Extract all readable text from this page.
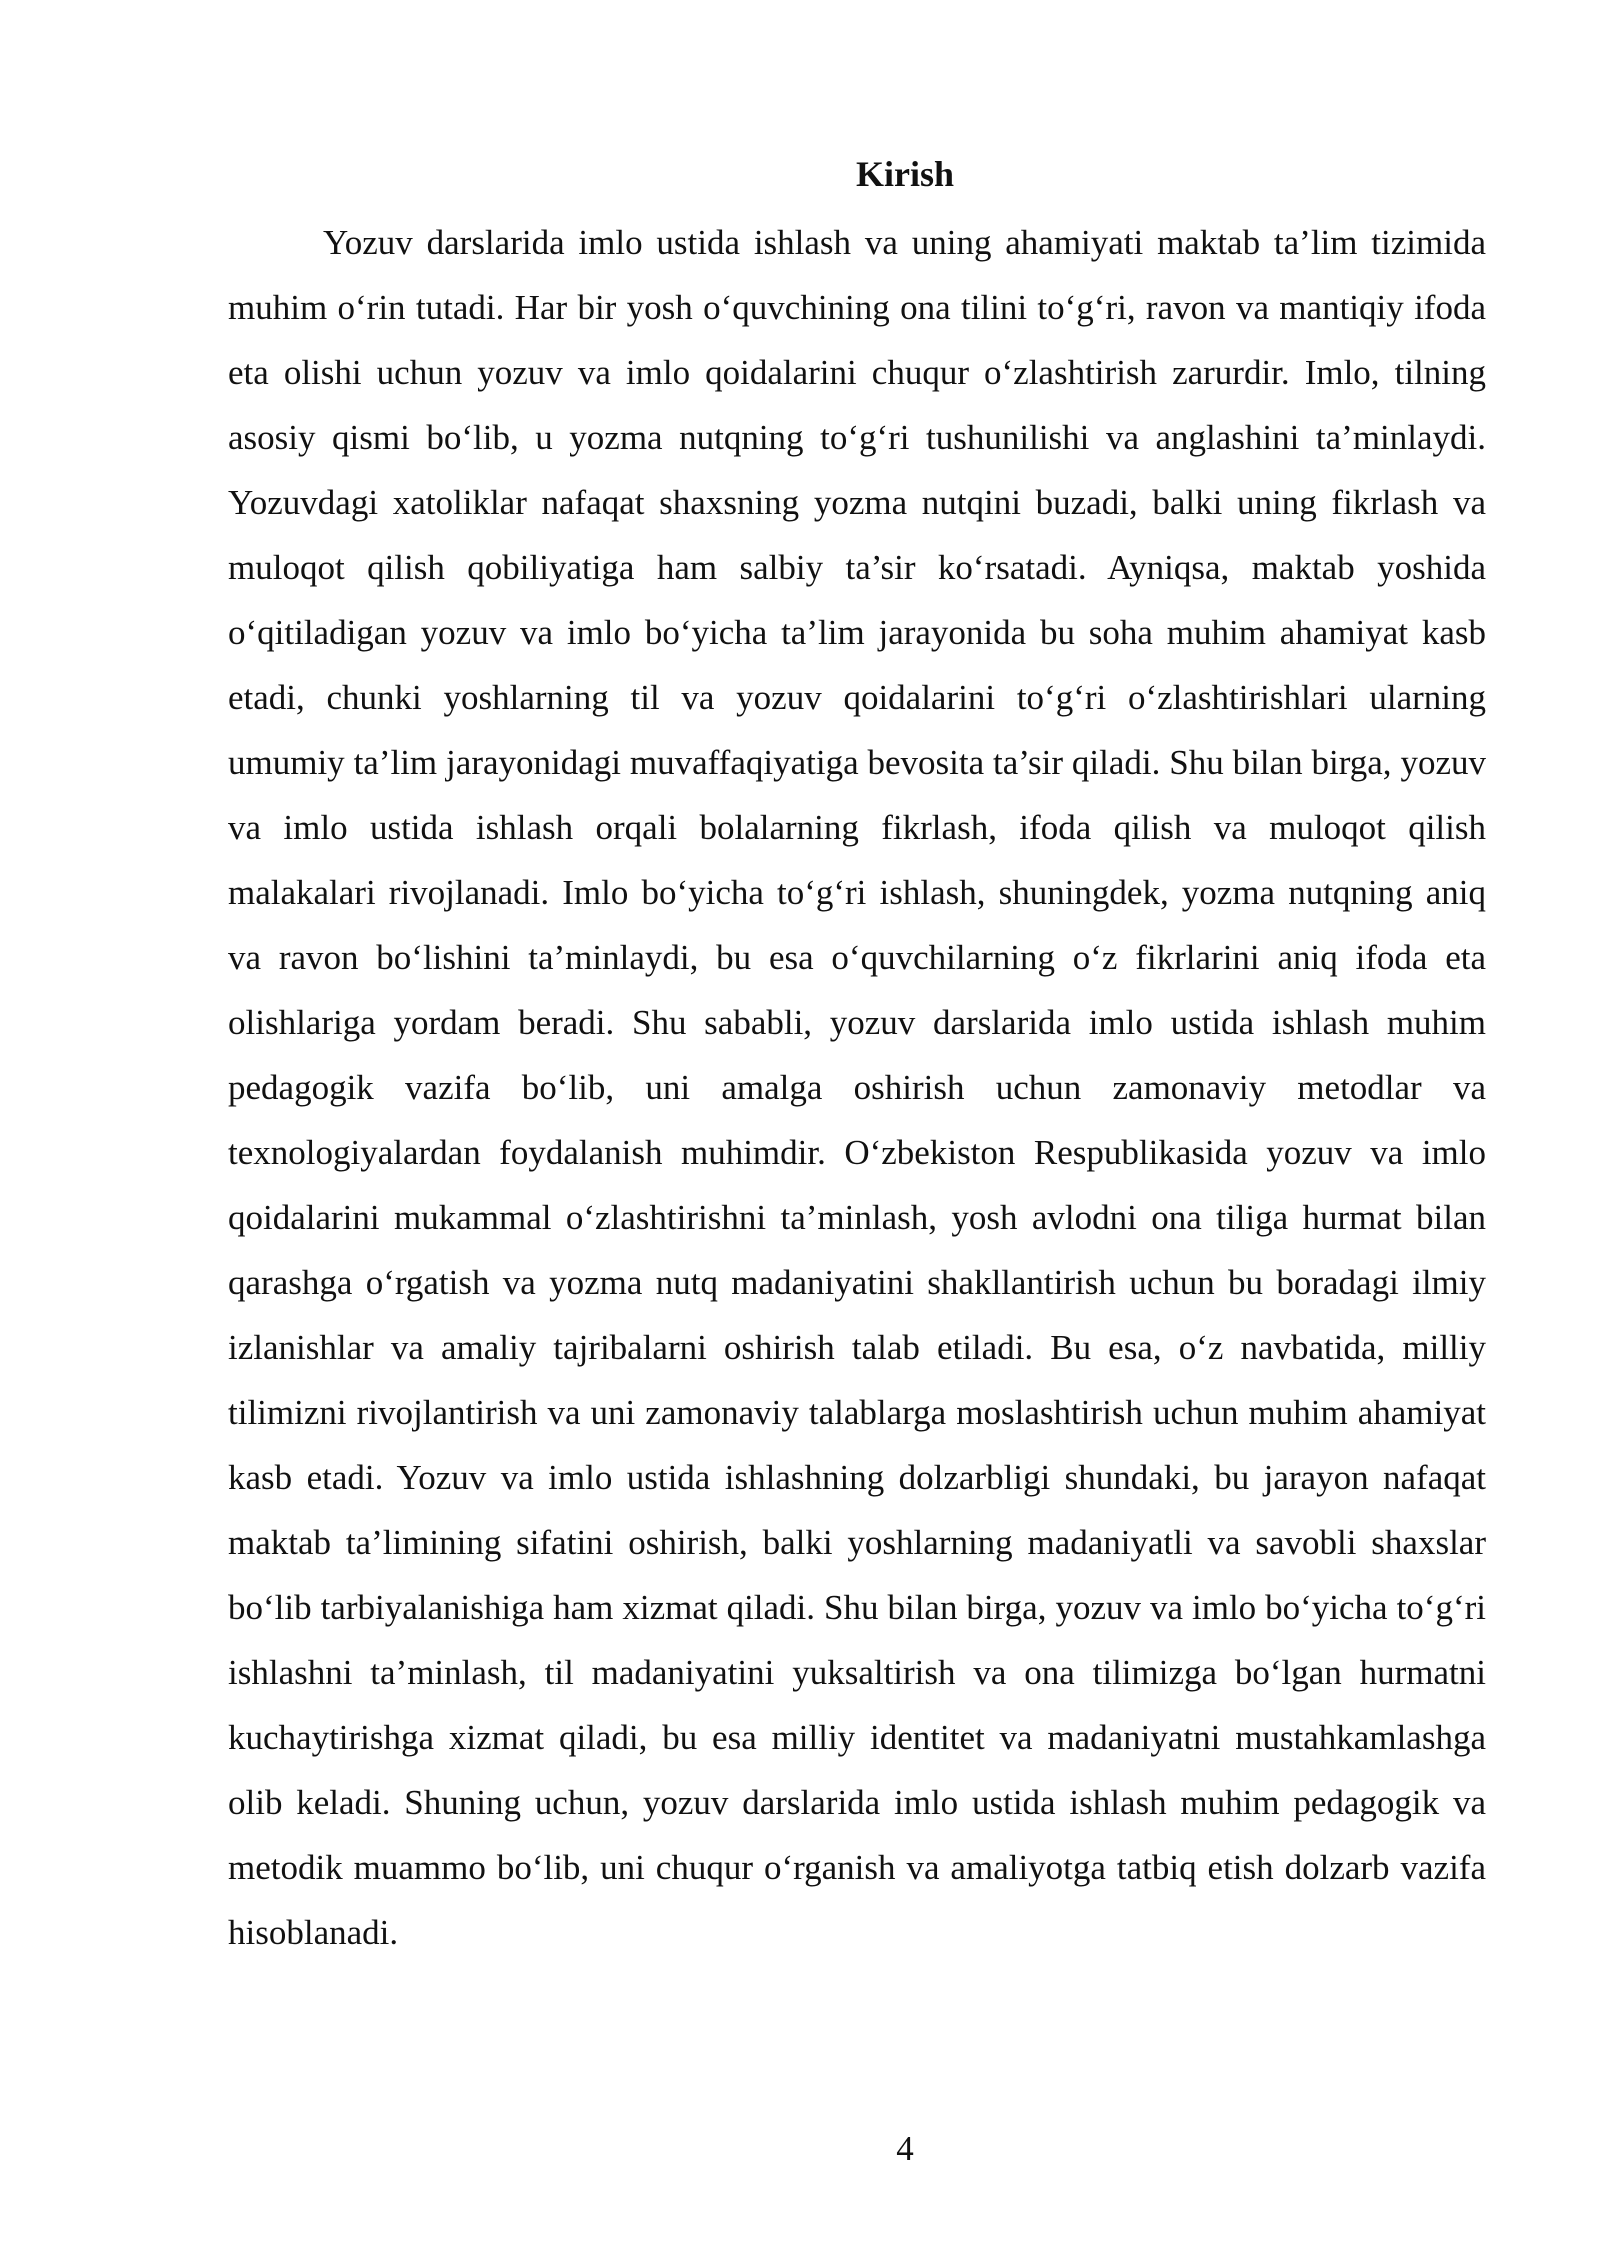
Kirish

Yozuv darslarida imlo ustida ishlash va uning ahamiyati maktab ta’lim tizimida muhim o‘rin tutadi. Har bir yosh o‘quvchining ona tilini to‘g‘ri, ravon va mantiqiy ifoda eta olishi uchun yozuv va imlo qoidalarini chuqur o‘zlashtirish zarurdir. Imlo, tilning asosiy qismi bo‘lib, u yozma nutqning to‘g‘ri tushunilishi va anglashini ta’minlaydi. Yozuvdagi xatoliklar nafaqat shaxsning yozma nutqini buzadi, balki uning fikrlash va muloqot qilish qobiliyatiga ham salbiy ta’sir ko‘rsatadi. Ayniqsa, maktab yoshida o‘qitiladigan yozuv va imlo bo‘yicha ta’lim jarayonida bu soha muhim ahamiyat kasb etadi, chunki yoshlarning til va yozuv qoidalarini to‘g‘ri o‘zlashtirishlari ularning umumiy ta’lim jarayonidagi muvaffaqiyatiga bevosita ta’sir qiladi. Shu bilan birga, yozuv va imlo ustida ishlash orqali bolalarning fikrlash, ifoda qilish va muloqot qilish malakalari rivojlanadi. Imlo bo‘yicha to‘g‘ri ishlash, shuningdek, yozma nutqning aniq va ravon bo‘lishini ta’minlaydi, bu esa o‘quvchilarning o‘z fikrlarini aniq ifoda eta olishlariga yordam beradi. Shu sababli, yozuv darslarida imlo ustida ishlash muhim pedagogik vazifa bo‘lib, uni amalga oshirish uchun zamonaviy metodlar va texnologiyalardan foydalanish muhimdir. O‘zbekiston Respublikasida yozuv va imlo qoidalarini mukammal o‘zlashtirishni ta’minlash, yosh avlodni ona tiliga hurmat bilan qarashga o‘rgatish va yozma nutq madaniyatini shakllantirish uchun bu boradagi ilmiy izlanishlar va amaliy tajribalarni oshirish talab etiladi. Bu esa, o‘z navbatida, milliy tilimizni rivojlantirish va uni zamonaviy talablarga moslashtirish uchun muhim ahamiyat kasb etadi. Yozuv va imlo ustida ishlashning dolzarbligi shundaki, bu jarayon nafaqat maktab ta’limining sifatini oshirish, balki yoshlarning madaniyatli va savobli shaxslar bo‘lib tarbiyalanishiga ham xizmat qiladi. Shu bilan birga, yozuv va imlo bo‘yicha to‘g‘ri ishlashni ta’minlash, til madaniyatini yuksaltirish va ona tilimizga bo‘lgan hurmatni kuchaytirishga xizmat qiladi, bu esa milliy identitet va madaniyatni mustahkamlashga olib keladi. Shuning uchun, yozuv darslarida imlo ustida ishlash muhim pedagogik va metodik muammo bo‘lib, uni chuqur o‘rganish va amaliyotga tatbiq etish dolzarb vazifa hisoblanadi.

4
